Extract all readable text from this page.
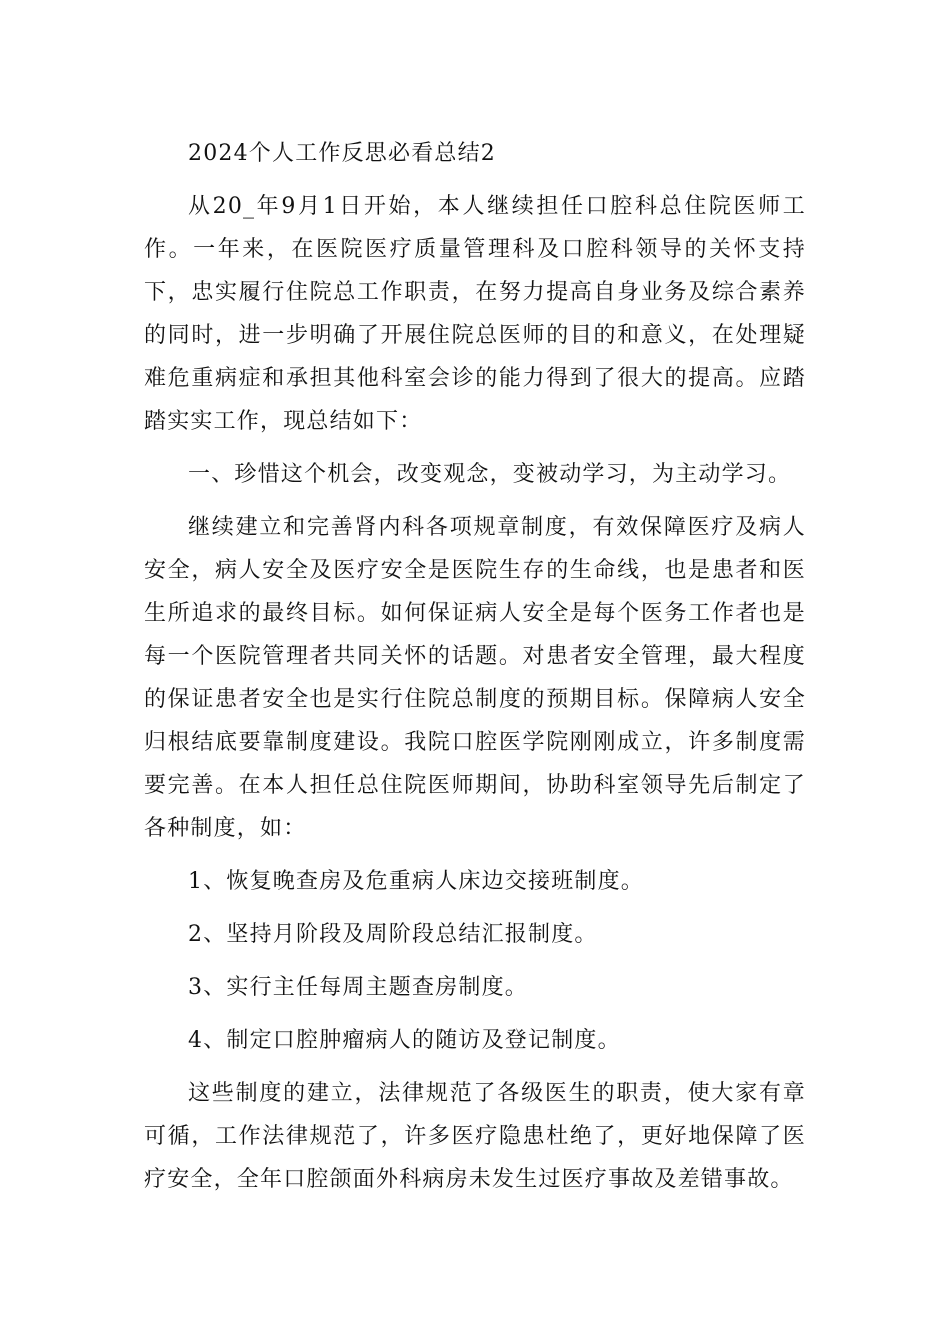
2024个人工作反思必看总结2

从20_年9月1日开始，本人继续担任口腔科总住院医师工作。一年来，在医院医疗质量管理科及口腔科领导的关怀支持下，忠实履行住院总工作职责，在努力提高自身业务及综合素养的同时，进一步明确了开展住院总医师的目的和意义，在处理疑难危重病症和承担其他科室会诊的能力得到了很大的提高。应踏踏实实工作，现总结如下：

一、珍惜这个机会，改变观念，变被动学习，为主动学习。

继续建立和完善肾内科各项规章制度，有效保障医疗及病人安全，病人安全及医疗安全是医院生存的生命线，也是患者和医生所追求的最终目标。如何保证病人安全是每个医务工作者也是每一个医院管理者共同关怀的话题。对患者安全管理，最大程度的保证患者安全也是实行住院总制度的预期目标。保障病人安全归根结底要靠制度建设。我院口腔医学院刚刚成立，许多制度需要完善。在本人担任总住院医师期间，协助科室领导先后制定了各种制度，如：

1、恢复晚查房及危重病人床边交接班制度。

2、坚持月阶段及周阶段总结汇报制度。

3、实行主任每周主题查房制度。

4、制定口腔肿瘤病人的随访及登记制度。

这些制度的建立，法律规范了各级医生的职责，使大家有章可循，工作法律规范了，许多医疗隐患杜绝了，更好地保障了医疗安全，全年口腔颌面外科病房未发生过医疗事故及差错事故。
